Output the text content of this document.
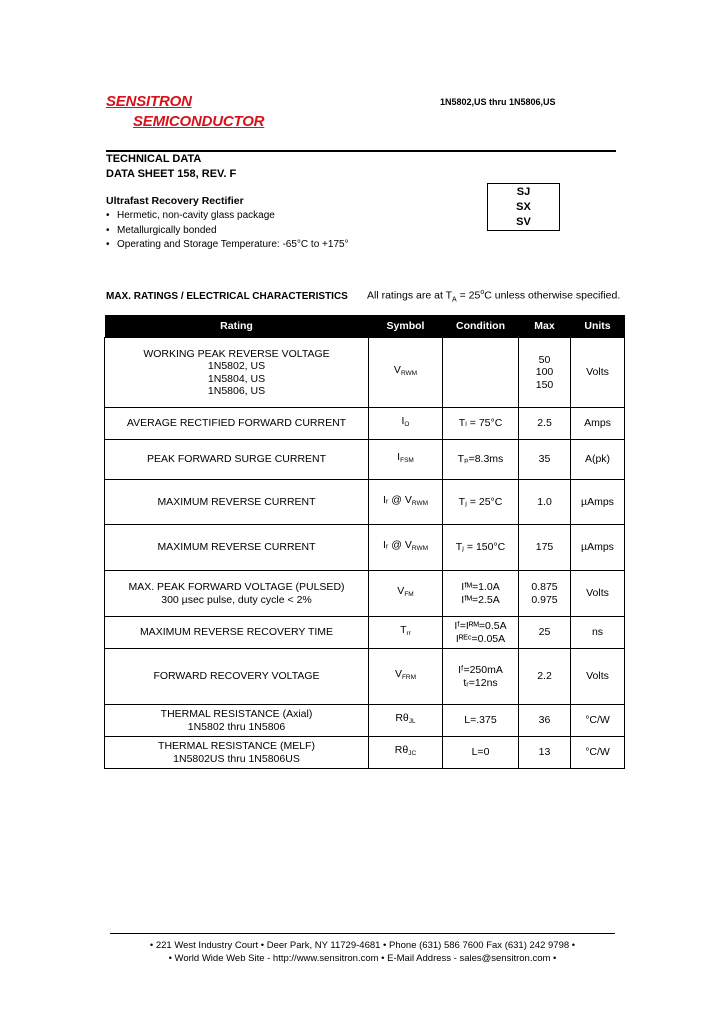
SENSITRON
SEMICONDUCTOR
1N5802,US thru 1N5806,US
TECHNICAL DATA
DATA SHEET 158, REV. F
SJ
SX
SV
Ultrafast Recovery Rectifier
• Hermetic, non-cavity glass package
• Metallurgically bonded
• Operating and Storage Temperature: -65°C to +175°
MAX. RATINGS / ELECTRICAL CHARACTERISTICS All ratings are at $T_A = 25^oC$ unless otherwise specified.
Rating	Symbol	Condition	Max	Units

WORKING PEAK REVERSE VOLTAGE
1N5802, US
1N5804, US
1N5806, US	VRWM		50
100
150	Volts

AVERAGE RECTIFIED FORWARD CURRENT	IO	Tₗ = 75°C	2.5	Amps

PEAK FORWARD SURGE CURRENT	IFSM	Tₚ=8.3ms	35	A(pk)

MAXIMUM REVERSE CURRENT	Iᵣ @ VRWM	Tⱼ = 25°C	1.0	µAmps

MAXIMUM REVERSE CURRENT	Iᵣ @ VRWM	Tⱼ = 150°C	175	µAmps

MAX. PEAK FORWARD VOLTAGE (PULSED)
300 µsec pulse, duty cycle < 2%	VFM	Iᶠᴹ=1.0A
Iᶠᴹ=2.5A	0.875
0.975	Volts

MAXIMUM REVERSE RECOVERY TIME	Trr	Iᶠ=Iᴿᴹ=0.5A
Iᴿᴱᶜ=0.05A	25	ns

FORWARD RECOVERY VOLTAGE	VFRM	Iᶠ=250mA
tᵣ=12ns	2.2	Volts

THERMAL RESISTANCE (Axial)
1N5802 thru 1N5806	RθJL	L=.375	36	°C/W

THERMAL RESISTANCE (MELF)
1N5802US thru 1N5806US	RθJC	L=0	13	°C/W
• 221 West Industry Court • Deer Park, NY 11729-4681 • Phone (631) 586 7600 Fax (631) 242 9798 •
• World Wide Web Site - http://www.sensitron.com • E-Mail Address - sales@sensitron.com •
